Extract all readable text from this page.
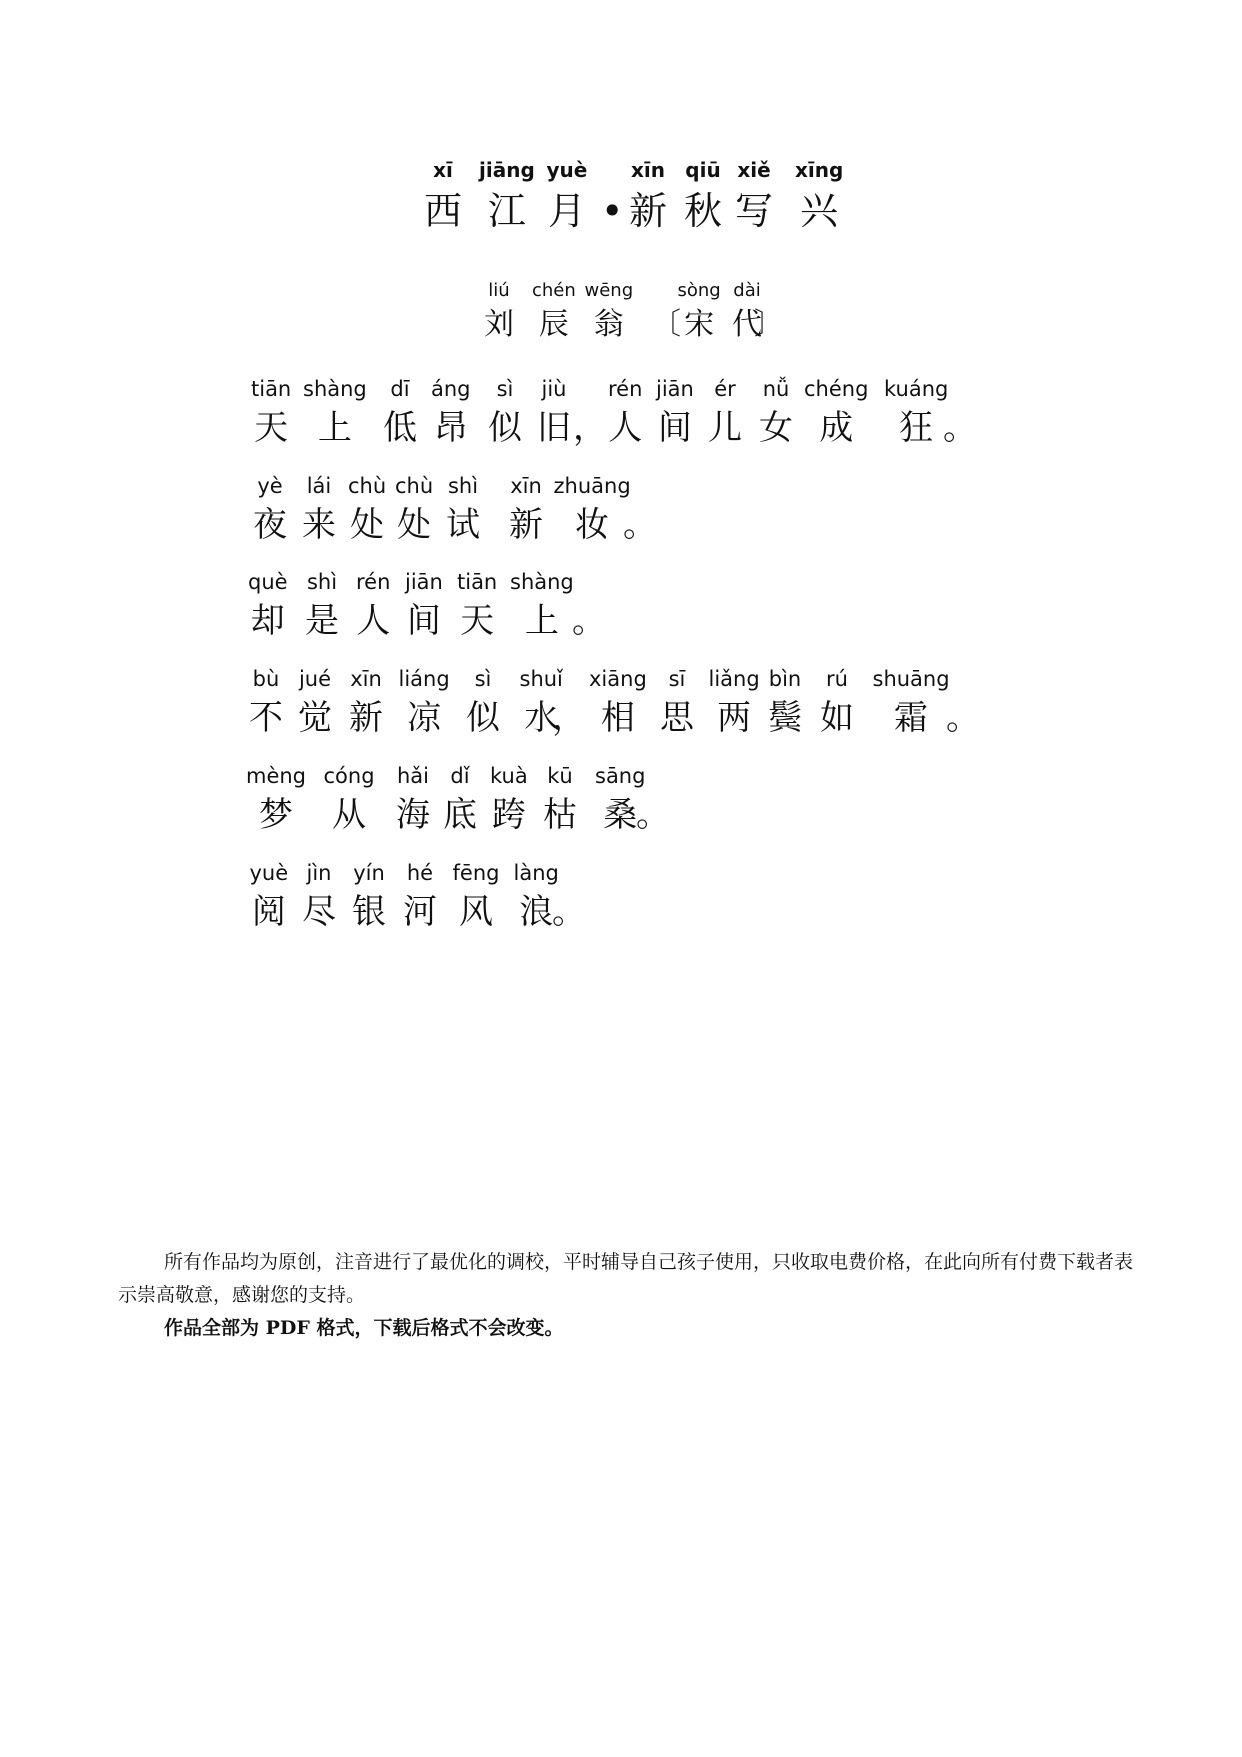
xī
西
jiāng
江
yuè
月
•
xīn
新
qiū
秋
xiě
写
xīng
兴
liú
刘
chén
辰
wēng
翁
〔
sòng
宋
dài
代

〕
tiān
天
shàng
上
dī
低
áng
昂
sì
似
jiù
旧
，
rén
人
jiān
间
ér
儿
nǚ
女
chéng
成
kuáng
狂
。
yè
夜
lái
来
chù
处
chù
处
shì
试
xīn
新
zhuāng
妆
。
què
却
shì
是
rén
人
jiān
间
tiān
天
shàng
上
。
bù
不
jué
觉
xīn
新
liáng
凉
sì
似
shuǐ
水

，
xiāng
相
sī
思
liǎng
两
bìn
鬓
rú
如
shuāng
霜
。
mèng
梦
cóng
从
hǎi
海
dǐ
底
kuà
跨
kū
枯
sāng
桑

。
yuè
阅
jìn
尽
yín
银
hé
河
fēng
风
làng
浪

。

所有作品均为原创，注音进行了最优化的调校，平时辅导自己孩子使用，只收取电费价格，在此向所有付费下载者表示崇高敬意，感谢您的支持。

作品全部为 PDF 格式，下载后格式不会改变。
